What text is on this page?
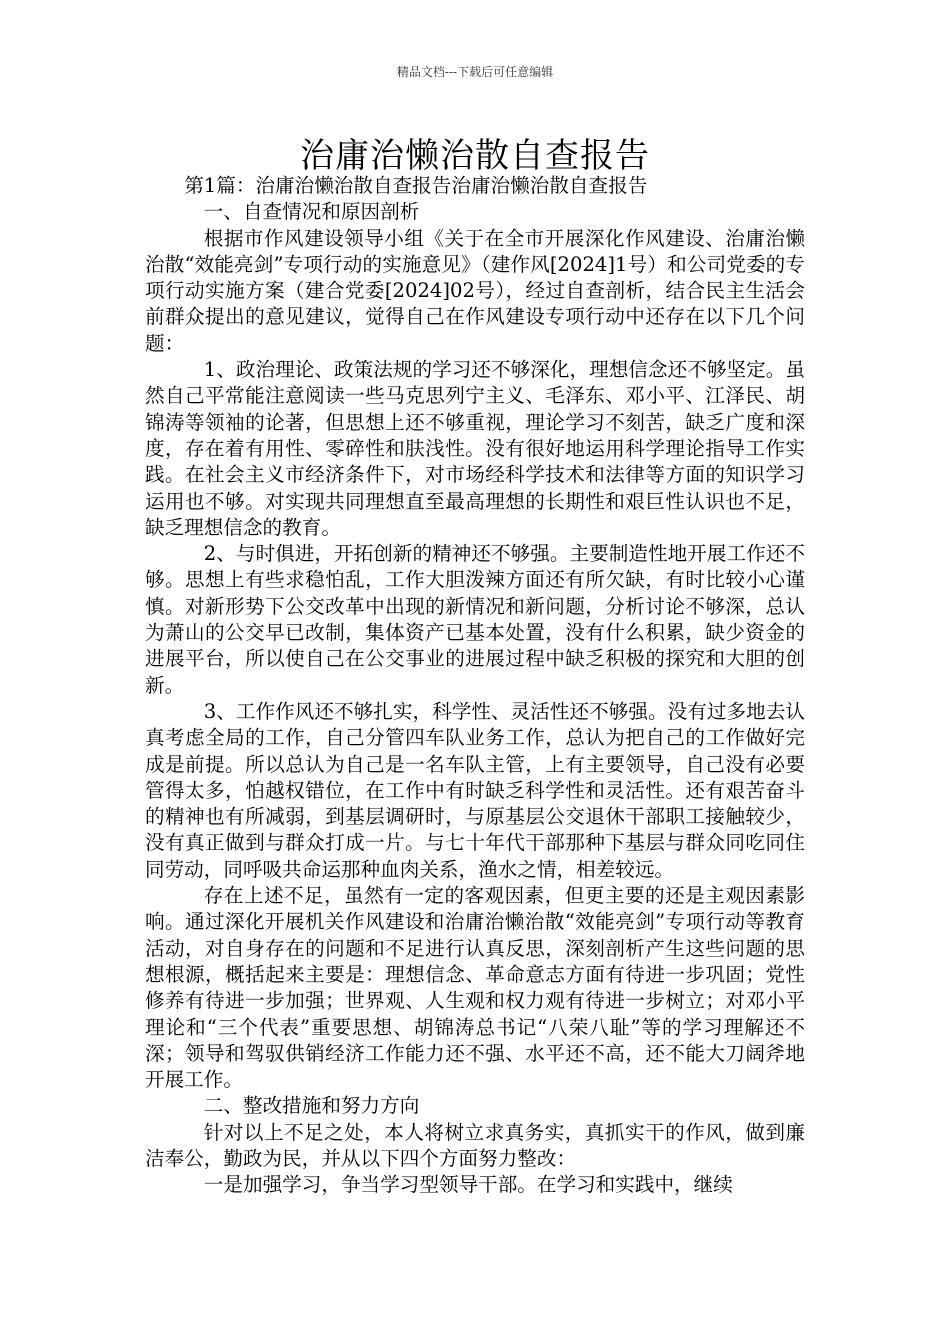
精品文档---下载后可任意编辑
治庸治懒治散自查报告

第1篇：治庸治懒治散自查报告治庸治懒治散自查报告

一、自查情况和原因剖析

根据市作风建设领导小组《关于在全市开展深化作风建设、治庸治懒治散“效能亮剑”专项行动的实施意见》（建作风[2024]1号）和公司党委的专项行动实施方案（建合党委[2024]02号），经过自查剖析，结合民主生活会前群众提出的意见建议，觉得自己在作风建设专项行动中还存在以下几个问题：

1、政治理论、政策法规的学习还不够深化，理想信念还不够坚定。虽然自己平常能注意阅读一些马克思列宁主义、毛泽东、邓小平、江泽民、胡锦涛等领袖的论著，但思想上还不够重视，理论学习不刻苦，缺乏广度和深度，存在着有用性、零碎性和肤浅性。没有很好地运用科学理论指导工作实践。在社会主义市经济条件下，对市场经科学技术和法律等方面的知识学习运用也不够。对实现共同理想直至最高理想的长期性和艰巨性认识也不足，缺乏理想信念的教育。

2、与时俱进，开拓创新的精神还不够强。主要制造性地开展工作还不够。思想上有些求稳怕乱，工作大胆泼辣方面还有所欠缺，有时比较小心谨慎。对新形势下公交改革中出现的新情况和新问题，分析讨论不够深，总认为萧山的公交早已改制，集体资产已基本处置，没有什么积累，缺少资金的进展平台，所以使自己在公交事业的进展过程中缺乏积极的探究和大胆的创新。

3、工作作风还不够扎实，科学性、灵活性还不够强。没有过多地去认真考虑全局的工作，自己分管四车队业务工作，总认为把自己的工作做好完成是前提。所以总认为自己是一名车队主管，上有主要领导，自己没有必要管得太多，怕越权错位，在工作中有时缺乏科学性和灵活性。还有艰苦奋斗的精神也有所减弱，到基层调研时，与原基层公交退休干部职工接触较少，没有真正做到与群众打成一片。与七十年代干部那种下基层与群众同吃同住同劳动，同呼吸共命运那种血肉关系，渔水之情，相差较远。

存在上述不足，虽然有一定的客观因素，但更主要的还是主观因素影响。通过深化开展机关作风建设和治庸治懒治散“效能亮剑”专项行动等教育活动，对自身存在的问题和不足进行认真反思，深刻剖析产生这些问题的思想根源，概括起来主要是：理想信念、革命意志方面有待进一步巩固；党性修养有待进一步加强；世界观、人生观和权力观有待进一步树立；对邓小平理论和“三个代表”重要思想、胡锦涛总书记“八荣八耻”等的学习理解还不深；领导和驾驭供销经济工作能力还不强、水平还不高，还不能大刀阔斧地开展工作。

二、整改措施和努力方向

针对以上不足之处，本人将树立求真务实，真抓实干的作风，做到廉洁奉公，勤政为民，并从以下四个方面努力整改：

一是加强学习，争当学习型领导干部。在学习和实践中，继续
